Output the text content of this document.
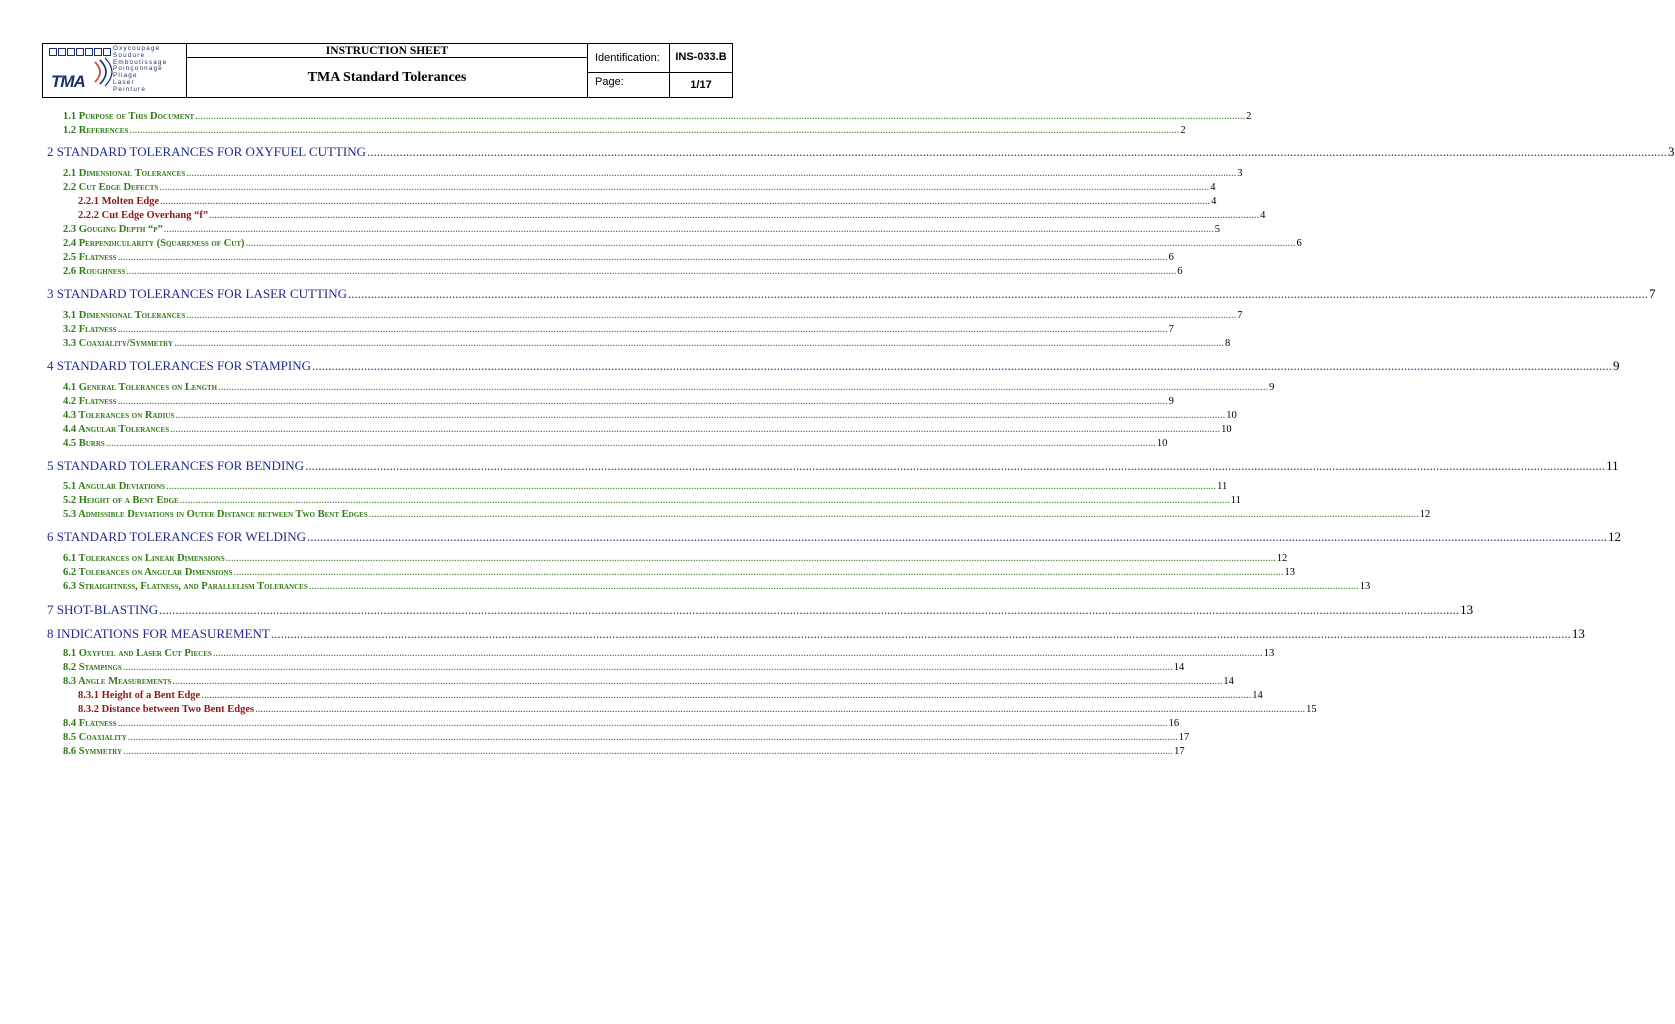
TMA
Oxycoupage
Soudure
Emboutissage
Poinçonnage
Pliage
Laser
Peinture
INSTRUCTION SHEET
TMA Standard Tolerances
Identification:	INS-033.B
Page:	1/17
1.1 Purpose of This Document ................................................................................................................................................................................................................................................................................................................................................................................................................ 2
1.2 References ................................................................................................................................................................................................................................................................................................................................................................................................................ 2
2 STANDARD TOLERANCES FOR OXYFUEL CUTTING ................................................................................................................................................................................................................................................................................................................................................................................................................ 3
2.1 Dimensional Tolerances ................................................................................................................................................................................................................................................................................................................................................................................................................ 3
2.2 Cut Edge Defects ................................................................................................................................................................................................................................................................................................................................................................................................................ 4
2.2.1 Molten Edge ................................................................................................................................................................................................................................................................................................................................................................................................................ 4
2.2.2 Cut Edge Overhang “f” ................................................................................................................................................................................................................................................................................................................................................................................................................ 4
2.3 Gouging Depth “p” ................................................................................................................................................................................................................................................................................................................................................................................................................ 5
2.4 Perpendicularity (Squareness of Cut) ................................................................................................................................................................................................................................................................................................................................................................................................................ 6
2.5 Flatness ................................................................................................................................................................................................................................................................................................................................................................................................................ 6
2.6 Roughness ................................................................................................................................................................................................................................................................................................................................................................................................................ 6
3 STANDARD TOLERANCES FOR LASER CUTTING ................................................................................................................................................................................................................................................................................................................................................................................................................ 7
3.1 Dimensional Tolerances ................................................................................................................................................................................................................................................................................................................................................................................................................ 7
3.2 Flatness ................................................................................................................................................................................................................................................................................................................................................................................................................ 7
3.3 Coaxiality/Symmetry ................................................................................................................................................................................................................................................................................................................................................................................................................ 8
4 STANDARD TOLERANCES FOR STAMPING ................................................................................................................................................................................................................................................................................................................................................................................................................ 9
4.1 General Tolerances on Length ................................................................................................................................................................................................................................................................................................................................................................................................................ 9
4.2 Flatness ................................................................................................................................................................................................................................................................................................................................................................................................................ 9
4.3 Tolerances on Radius ................................................................................................................................................................................................................................................................................................................................................................................................................ 10
4.4 Angular Tolerances ................................................................................................................................................................................................................................................................................................................................................................................................................ 10
4.5 Burrs ................................................................................................................................................................................................................................................................................................................................................................................................................ 10
5 STANDARD TOLERANCES FOR BENDING ................................................................................................................................................................................................................................................................................................................................................................................................................ 11
5.1 Angular Deviations ................................................................................................................................................................................................................................................................................................................................................................................................................ 11
5.2 Height of a Bent Edge ................................................................................................................................................................................................................................................................................................................................................................................................................ 11
5.3 Admissible Deviations in Outer Distance between Two Bent Edges ................................................................................................................................................................................................................................................................................................................................................................................................................ 12
6 STANDARD TOLERANCES FOR WELDING ................................................................................................................................................................................................................................................................................................................................................................................................................ 12
6.1 Tolerances on Linear Dimensions ................................................................................................................................................................................................................................................................................................................................................................................................................ 12
6.2 Tolerances on Angular Dimensions ................................................................................................................................................................................................................................................................................................................................................................................................................ 13
6.3 Straightness, Flatness, and Parallelism Tolerances ................................................................................................................................................................................................................................................................................................................................................................................................................ 13
7 SHOT-BLASTING ................................................................................................................................................................................................................................................................................................................................................................................................................ 13
8 INDICATIONS FOR MEASUREMENT ................................................................................................................................................................................................................................................................................................................................................................................................................ 13
8.1 Oxyfuel and Laser Cut Pieces ................................................................................................................................................................................................................................................................................................................................................................................................................ 13
8.2 Stampings ................................................................................................................................................................................................................................................................................................................................................................................................................ 14
8.3 Angle Measurements ................................................................................................................................................................................................................................................................................................................................................................................................................ 14
8.3.1 Height of a Bent Edge ................................................................................................................................................................................................................................................................................................................................................................................................................ 14
8.3.2 Distance between Two Bent Edges ................................................................................................................................................................................................................................................................................................................................................................................................................ 15
8.4 Flatness ................................................................................................................................................................................................................................................................................................................................................................................................................ 16
8.5 Coaxiality ................................................................................................................................................................................................................................................................................................................................................................................................................ 17
8.6 Symmetry ................................................................................................................................................................................................................................................................................................................................................................................................................ 17
